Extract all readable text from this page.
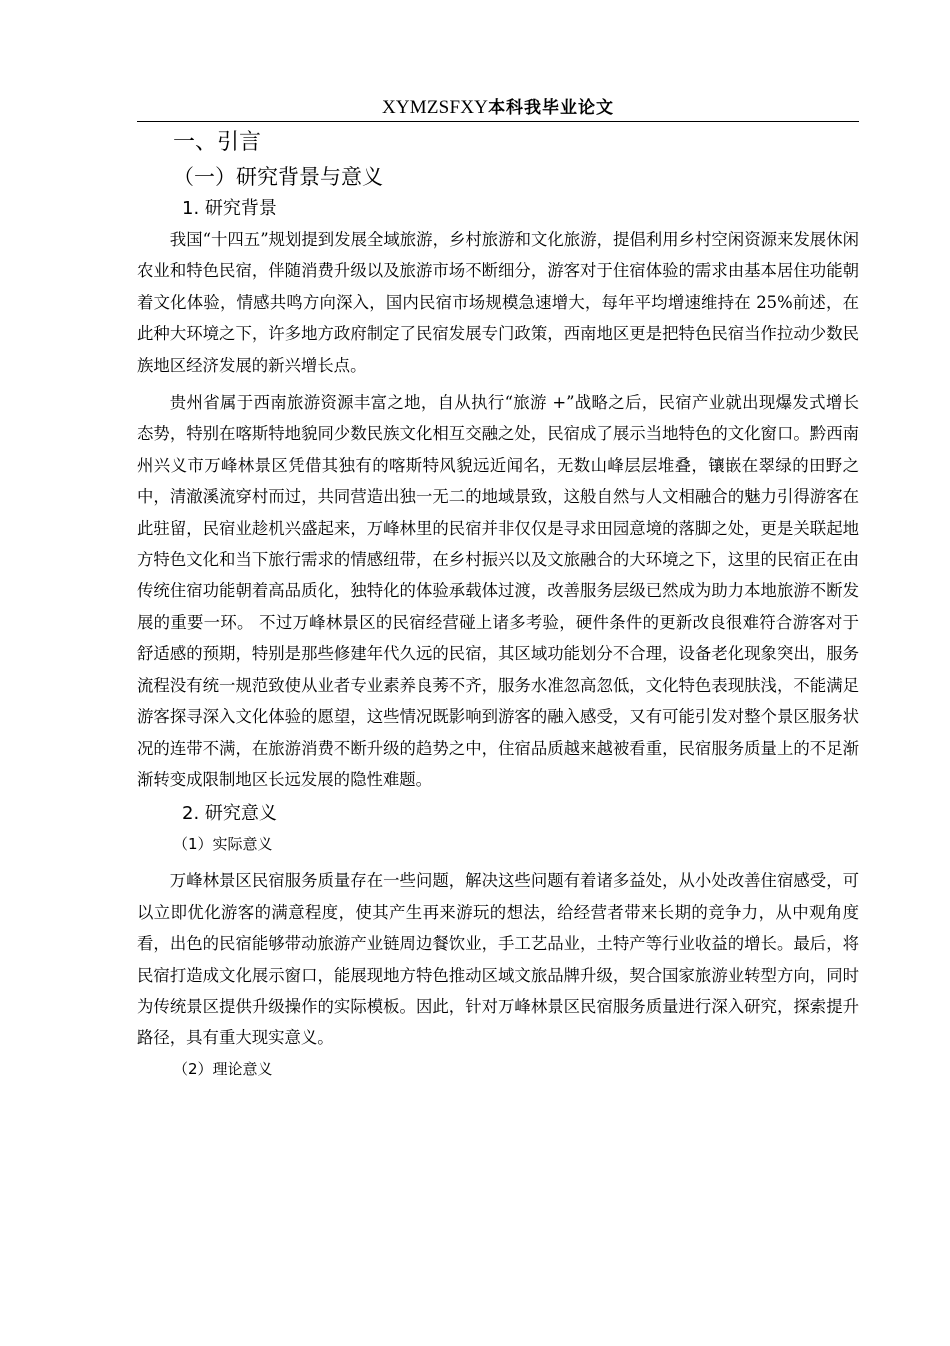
XYMZSFXY本科我毕业论文
一、引言
（一）研究背景与意义
1. 研究背景

我国“十四五”规划提到发展全域旅游，乡村旅游和文化旅游，提倡利用乡村空闲资源来发展休闲农业和特色民宿，伴随消费升级以及旅游市场不断细分，游客对于住宿体验的需求由基本居住功能朝着文化体验，情感共鸣方向深入，国内民宿市场规模急速增大，每年平均增速维持在 25%前述，在此种大环境之下，许多地方政府制定了民宿发展专门政策，西南地区更是把特色民宿当作拉动少数民族地区经济发展的新兴增长点。

贵州省属于西南旅游资源丰富之地，自从执行“旅游 +”战略之后，民宿产业就出现爆发式增长态势，特别在喀斯特地貌同少数民族文化相互交融之处，民宿成了展示当地特色的文化窗口。黔西南州兴义市万峰林景区凭借其独有的喀斯特风貌远近闻名，无数山峰层层堆叠，镶嵌在翠绿的田野之中，清澈溪流穿村而过，共同营造出独一无二的地域景致，这般自然与人文相融合的魅力引得游客在此驻留，民宿业趁机兴盛起来，万峰林里的民宿并非仅仅是寻求田园意境的落脚之处，更是关联起地方特色文化和当下旅行需求的情感纽带，在乡村振兴以及文旅融合的大环境之下，这里的民宿正在由传统住宿功能朝着高品质化，独特化的体验承载体过渡，改善服务层级已然成为助力本地旅游不断发展的重要一环。 不过万峰林景区的民宿经营碰上诸多考验，硬件条件的更新改良很难符合游客对于舒适感的预期，特别是那些修建年代久远的民宿，其区域功能划分不合理，设备老化现象突出，服务流程没有统一规范致使从业者专业素养良莠不齐，服务水准忽高忽低，文化特色表现肤浅，不能满足游客探寻深入文化体验的愿望，这些情况既影响到游客的融入感受，又有可能引发对整个景区服务状况的连带不满，在旅游消费不断升级的趋势之中，住宿品质越来越被看重，民宿服务质量上的不足渐渐转变成限制地区长远发展的隐性难题。

2. 研究意义
（1）实际意义

万峰林景区民宿服务质量存在一些问题，解决这些问题有着诸多益处，从小处改善住宿感受，可以立即优化游客的满意程度，使其产生再来游玩的想法，给经营者带来长期的竞争力，从中观角度看，出色的民宿能够带动旅游产业链周边餐饮业，手工艺品业，土特产等行业收益的增长。最后，将民宿打造成文化展示窗口，能展现地方特色推动区域文旅品牌升级，契合国家旅游业转型方向，同时为传统景区提供升级操作的实际模板。因此，针对万峰林景区民宿服务质量进行深入研究，探索提升路径，具有重大现实意义。

（2）理论意义
